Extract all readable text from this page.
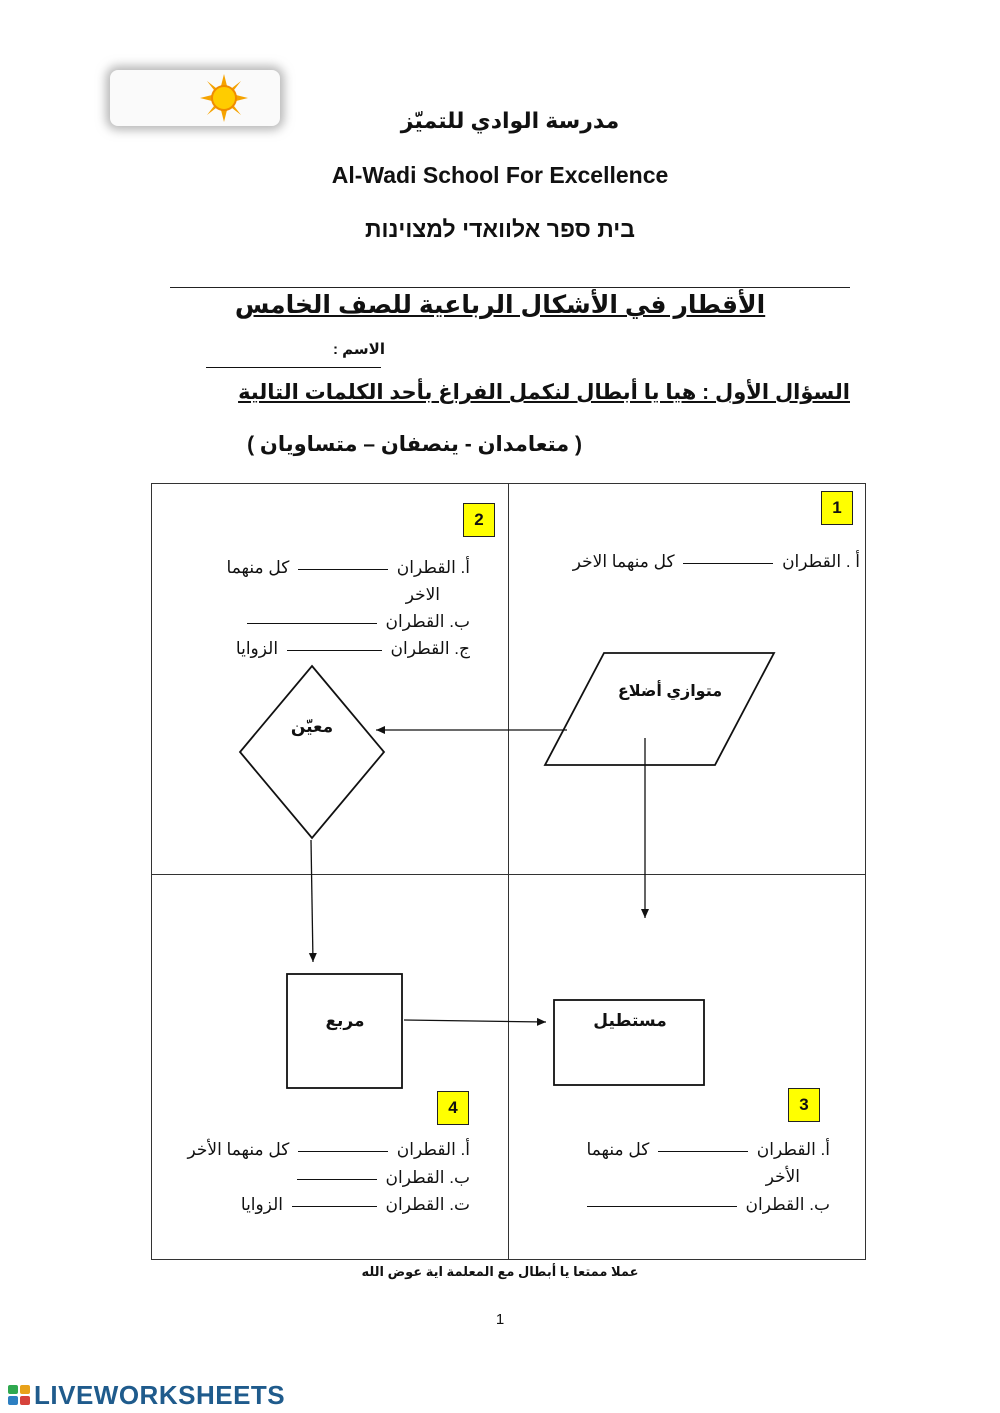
مدرسة الوادي للتميّز
Al-Wadi School For Excellence
בית ספר אלוואדי למצוינות
الأقطار في الأشكال الرباعية للصف الخامس
الاسم :
السؤال الأول : هيا يا أبطال لنكمل الفراغ بأحد الكلمات التالية
( متعامدان - ينصفان – متساويان )
1
2
3
4
أ . القطران  كل منهما الاخر
أ. القطران  كل منهما
الاخر
ب. القطران
ج. القطران  الزوايا
أ. القطران  كل منهما
الأخر
ب. القطران
أ. القطران  كل منهما الأخر
ب. القطران
ت. القطران  الزوايا
متوازي أضلاع
معيّن
مربع	مستطيل
عملا ممتعا يا أبطال مع المعلمة اية عوض الله
1
LIVEWORKSHEETS
